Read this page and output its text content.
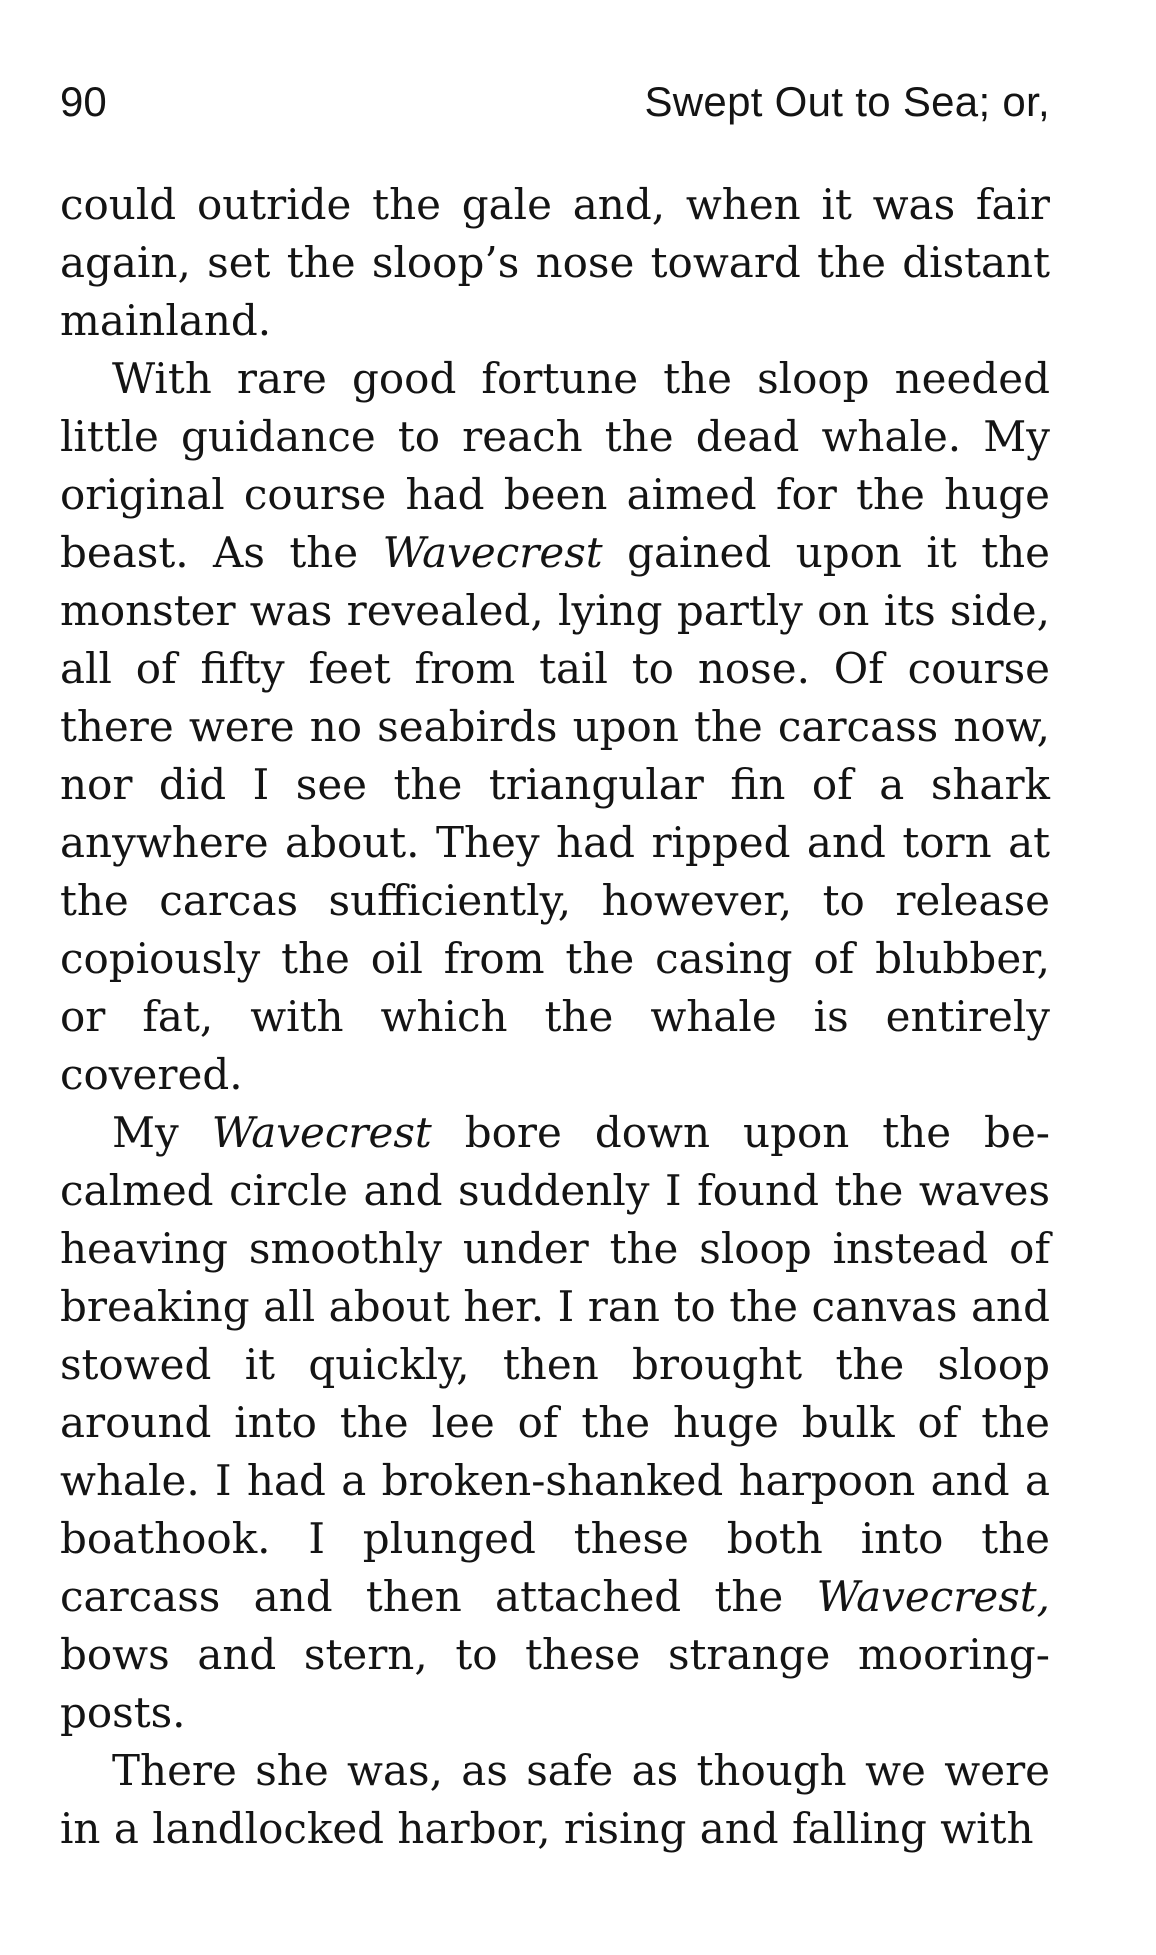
90	Swept Out to Sea; or,

could outride the gale and, when it was fair again, set the sloop’s nose toward the distant mainland.

With rare good fortune the sloop needed little guidance to reach the dead whale. My original course had been aimed for the huge beast. As the Wavecrest gained upon it the monster was revealed, lying partly on its side, all of fifty feet from tail to nose. Of course there were no seabirds upon the carcass now, nor did I see the triangular fin of a shark anywhere about. They had ripped and torn at the carcas sufficiently, however, to release copiously the oil from the casing of blubber, or fat, with which the whale is entirely covered.

My Wavecrest bore down upon the becalmed circle and suddenly I found the waves heaving smoothly under the sloop instead of breaking all about her. I ran to the canvas and stowed it quickly, then brought the sloop around into the lee of the huge bulk of the whale. I had a broken-shanked harpoon and a boathook. I plunged these both into the carcass and then attached the Wavecrest, bows and stern, to these strange mooring-posts.

There she was, as safe as though we were in a landlocked harbor, rising and falling with
